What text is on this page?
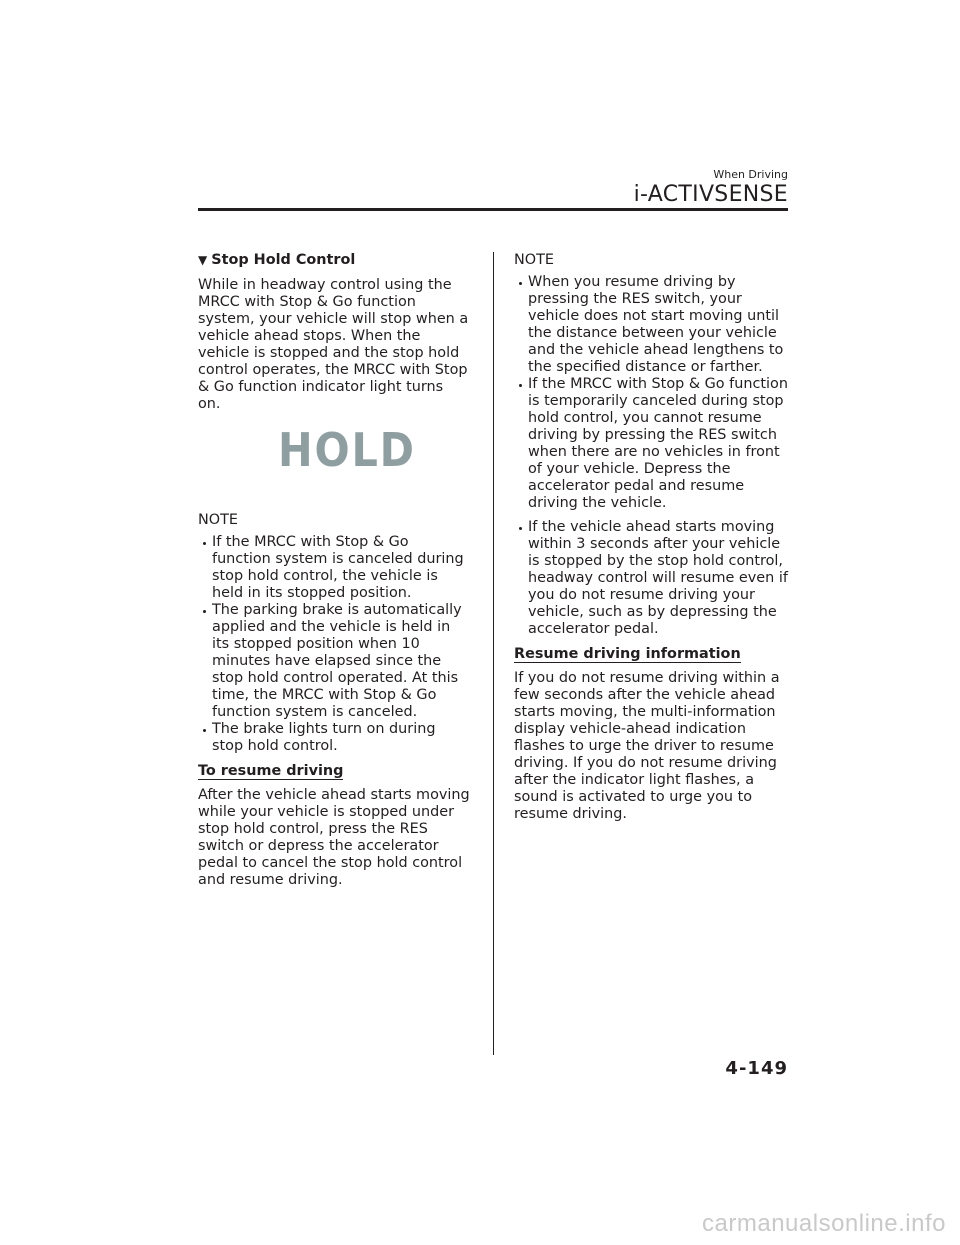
When Driving
i-ACTIVSENSE
▼ Stop Hold Control

While in headway control using the MRCC with Stop & Go function system, your vehicle will stop when a vehicle ahead stops. When the vehicle is stopped and the stop hold control operates, the MRCC with Stop & Go function indicator light turns on.

HOLD
NOTE
If the MRCC with Stop & Go function system is canceled during stop hold control, the vehicle is held in its stopped position.
The parking brake is automatically applied and the vehicle is held in its stopped position when 10 minutes have elapsed since the stop hold control operated. At this time, the MRCC with Stop & Go function system is canceled.
The brake lights turn on during stop hold control.
To resume driving

After the vehicle ahead starts moving while your vehicle is stopped under stop hold control, press the RES switch or depress the accelerator pedal to cancel the stop hold control and resume driving.

NOTE
When you resume driving by pressing the RES switch, your vehicle does not start moving until the distance between your vehicle and the vehicle ahead lengthens to the specified distance or farther.
If the MRCC with Stop & Go function is temporarily canceled during stop hold control, you cannot resume driving by pressing the RES switch when there are no vehicles in front of your vehicle. Depress the accelerator pedal and resume driving the vehicle.
If the vehicle ahead starts moving within 3 seconds after your vehicle is stopped by the stop hold control, headway control will resume even if you do not resume driving your vehicle, such as by depressing the accelerator pedal.
Resume driving information

If you do not resume driving within a few seconds after the vehicle ahead starts moving, the multi-information display vehicle-ahead indication flashes to urge the driver to resume driving. If you do not resume driving after the indicator light flashes, a sound is activated to urge you to resume driving.

4-149
carmanualsonline.info
